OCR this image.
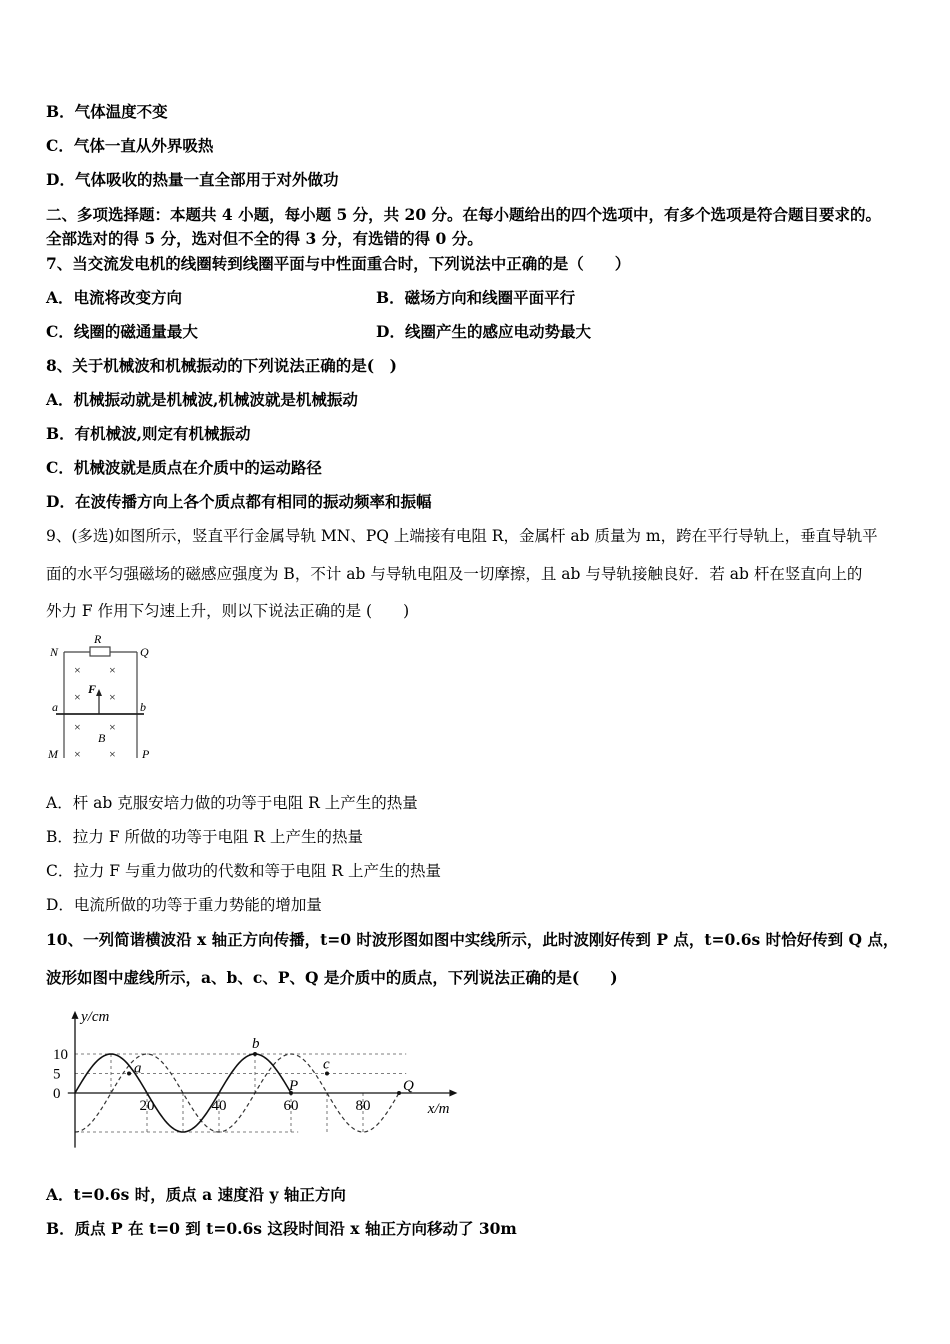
B．气体温度不变
C．气体一直从外界吸热
D．气体吸收的热量一直全部用于对外做功
二、多项选择题：本题共 4 小题，每小题 5 分，共 20 分。在每小题给出的四个选项中，有多个选项是符合题目要求的。
全部选对的得 5 分，选对但不全的得 3 分，有选错的得 0 分。
7、当交流发电机的线圈转到线圈平面与中性面重合时，下列说法中正确的是（　　）
A．电流将改变方向	B．磁场方向和线圈平面平行
C．线圈的磁通量最大	D．线圈产生的感应电动势最大
8、关于机械波和机械振动的下列说法正确的是(　)
A．机械振动就是机械波,机械波就是机械振动
B．有机械波,则定有机械振动
C．机械波就是质点在介质中的运动路径
D．在波传播方向上各个质点都有相同的振动频率和振幅
9、(多选)如图所示，竖直平行金属导轨 MN、PQ 上端接有电阻 R，金属杆 ab 质量为 m，跨在平行导轨上，垂直导轨平
面的水平匀强磁场的磁感应强度为 B，不计 ab 与导轨电阻及一切摩擦，且 ab 与导轨接触良好．若 ab 杆在竖直向上的
外力 F 作用下匀速上升，则以下说法正确的是 (　　)
R
N	Q
F
a	b
B
M	P
× ×
× ×
× ×
× ×
A．杆 ab 克服安培力做的功等于电阻 R 上产生的热量
B．拉力 F 所做的功等于电阻 R 上产生的热量
C．拉力 F 与重力做功的代数和等于电阻 R 上产生的热量
D．电流所做的功等于重力势能的增加量
10、一列简谐横波沿 x 轴正方向传播，t=0 时波形图如图中实线所示，此时波刚好传到 P 点，t=0.6s 时恰好传到 Q 点，
波形如图中虚线所示，a、b、c、P、Q 是介质中的质点，下列说法正确的是(　　)
y/cm
x/m
10
5
0
20	40	60	80
a
b
P
c
Q
A．t=0.6s 时，质点 a 速度沿 y 轴正方向
B．质点 P 在 t=0 到 t=0.6s 这段时间沿 x 轴正方向移动了 30m
